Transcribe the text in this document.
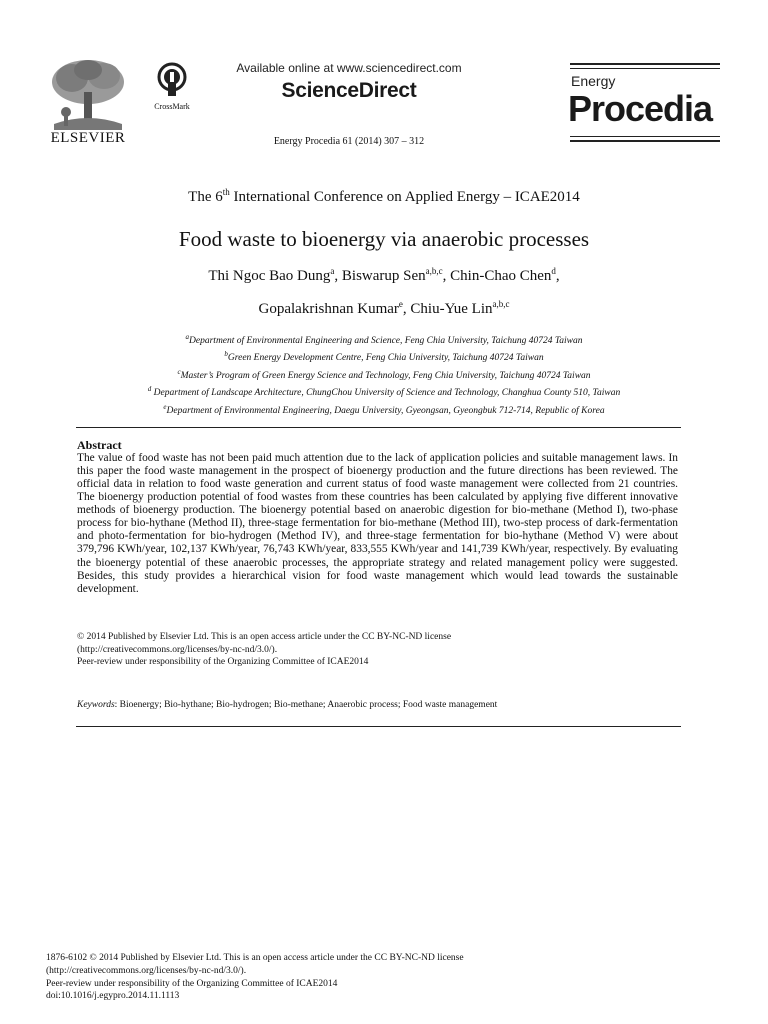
ELSEVIER
CrossMark
Available online at www.sciencedirect.com
ScienceDirect
Energy Procedia 61 (2014) 307 – 312
Energy
Procedia
The 6th International Conference on Applied Energy – ICAE2014
Food waste to bioenergy via anaerobic processes
Thi Ngoc Bao Dung$^a$, Biswarup Sen$^{a,b,c}$, Chin-Chao Chen$^d$,
Gopalakrishnan Kumar$^e$, Chiu-Yue Lin$^{a,b,c}$
$^a$Department of Environmental Engineering and Science, Feng Chia University, Taichung 40724 Taiwan
$^b$Green Energy Development Centre, Feng Chia University, Taichung 40724 Taiwan
$^c$Master’s Program of Green Energy Science and Technology, Feng Chia University, Taichung 40724 Taiwan
$^d$ Department of Landscape Architecture, ChungChou University of Science and Technology, Changhua County 510, Taiwan
$^e$Department of Environmental Engineering, Daegu University, Gyeongsan, Gyeongbuk 712-714, Republic of Korea
Abstract
The value of food waste has not been paid much attention due to the lack of application policies and suitable management laws. In this paper the food waste management in the prospect of bioenergy production and the future directions has been reviewed. The official data in relation to food waste generation and current status of food waste management were collected from 21 countries. The bioenergy production potential of food wastes from these countries has been calculated by applying five different innovative methods of bioenergy production. The bioenergy potential based on anaerobic digestion for bio-methane (Method I), two-phase process for bio-hythane (Method II), three-stage fermentation for bio-methane (Method III), two-step process of dark-fermentation and photo-fermentation for bio-hydrogen (Method IV), and three-stage fermentation for bio-hythane (Method V) were about 379,796 KWh/year, 102,137 KWh/year, 76,743 KWh/year, 833,555 KWh/year and 141,739 KWh/year, respectively. By evaluating the bioenergy potential of these anaerobic processes, the appropriate strategy and related management policy were suggested. Besides, this study provides a hierarchical vision for food waste management which would lead towards the sustainable development.
© 2014 Published by Elsevier Ltd. This is an open access article under the CC BY-NC-ND license
(http://creativecommons.org/licenses/by-nc-nd/3.0/).
Peer-review under responsibility of the Organizing Committee of ICAE2014
Keywords: Bioenergy; Bio-hythane; Bio-hydrogen; Bio-methane; Anaerobic process; Food waste management
1876-6102 © 2014 Published by Elsevier Ltd. This is an open access article under the CC BY-NC-ND license
(http://creativecommons.org/licenses/by-nc-nd/3.0/).
Peer-review under responsibility of the Organizing Committee of ICAE2014
doi:10.1016/j.egypro.2014.11.1113
